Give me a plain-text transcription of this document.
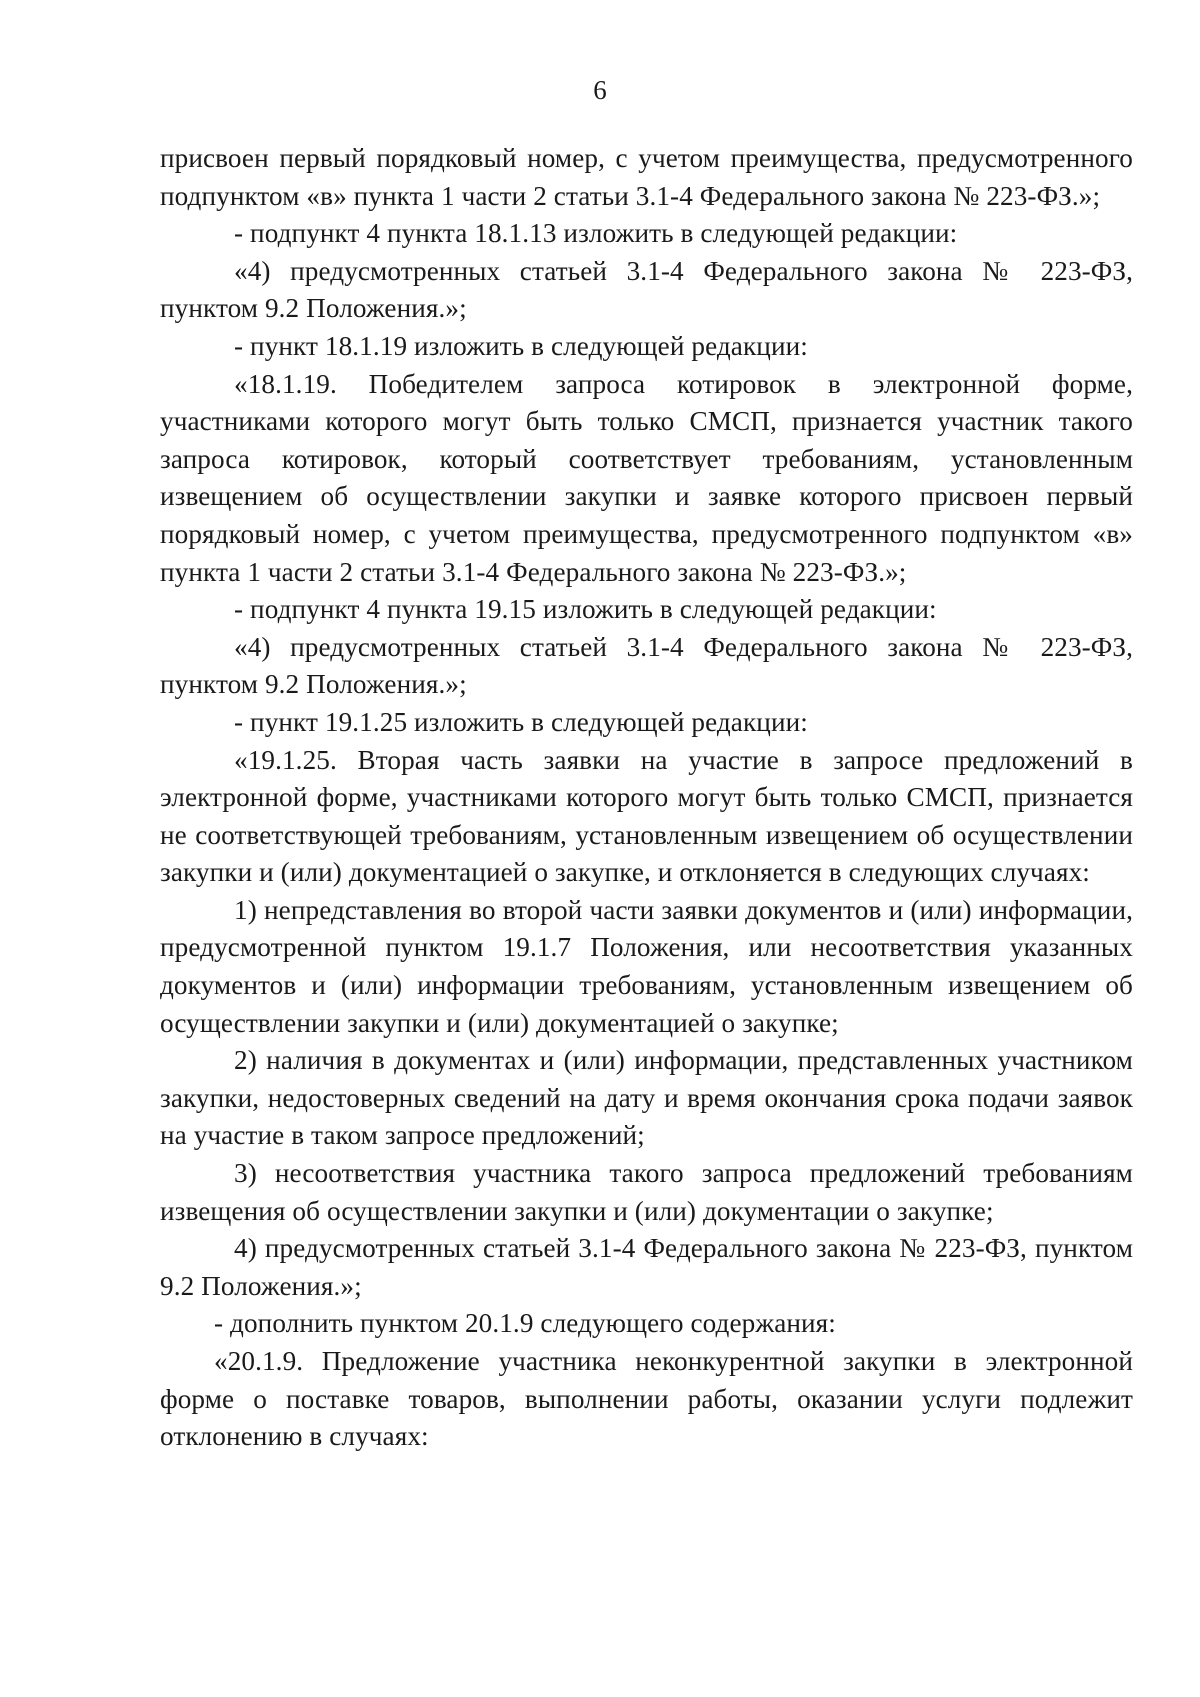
6

присвоен первый порядковый номер, с учетом преимущества, предусмотренного подпунктом «в» пункта 1 части 2 статьи 3.1-4 Федерального закона № 223-ФЗ.»;

- подпункт 4 пункта 18.1.13 изложить в следующей редакции:

«4) предусмотренных статьей 3.1-4 Федерального закона № 223-ФЗ, пунктом 9.2 Положения.»;

- пункт 18.1.19 изложить в следующей редакции:

«18.1.19. Победителем запроса котировок в электронной форме, участниками которого могут быть только СМСП, признается участник такого запроса котировок, который соответствует требованиям, установленным извещением об осуществлении закупки и заявке которого присвоен первый порядковый номер, с учетом преимущества, предусмотренного подпунктом «в» пункта 1 части 2 статьи 3.1-4 Федерального закона № 223-ФЗ.»;

- подпункт 4 пункта 19.15 изложить в следующей редакции:

«4) предусмотренных статьей 3.1-4 Федерального закона № 223-ФЗ, пунктом 9.2 Положения.»;

- пункт 19.1.25 изложить в следующей редакции:

«19.1.25. Вторая часть заявки на участие в запросе предложений в электронной форме, участниками которого могут быть только СМСП, признается не соответствующей требованиям, установленным извещением об осуществлении закупки и (или) документацией о закупке, и отклоняется в следующих случаях:

1) непредставления во второй части заявки документов и (или) информации, предусмотренной пунктом 19.1.7 Положения, или несоответствия указанных документов и (или) информации требованиям, установленным извещением об осуществлении закупки и (или) документацией о закупке;

2) наличия в документах и (или) информации, представленных участником закупки, недостоверных сведений на дату и время окончания срока подачи заявок на участие в таком запросе предложений;

3) несоответствия участника такого запроса предложений требованиям извещения об осуществлении закупки и (или) документации о закупке;

4) предусмотренных статьей 3.1-4 Федерального закона № 223-ФЗ, пунктом 9.2 Положения.»;

- дополнить пунктом 20.1.9 следующего содержания:

«20.1.9. Предложение участника неконкурентной закупки в электронной форме о поставке товаров, выполнении работы, оказании услуги подлежит отклонению в случаях:
